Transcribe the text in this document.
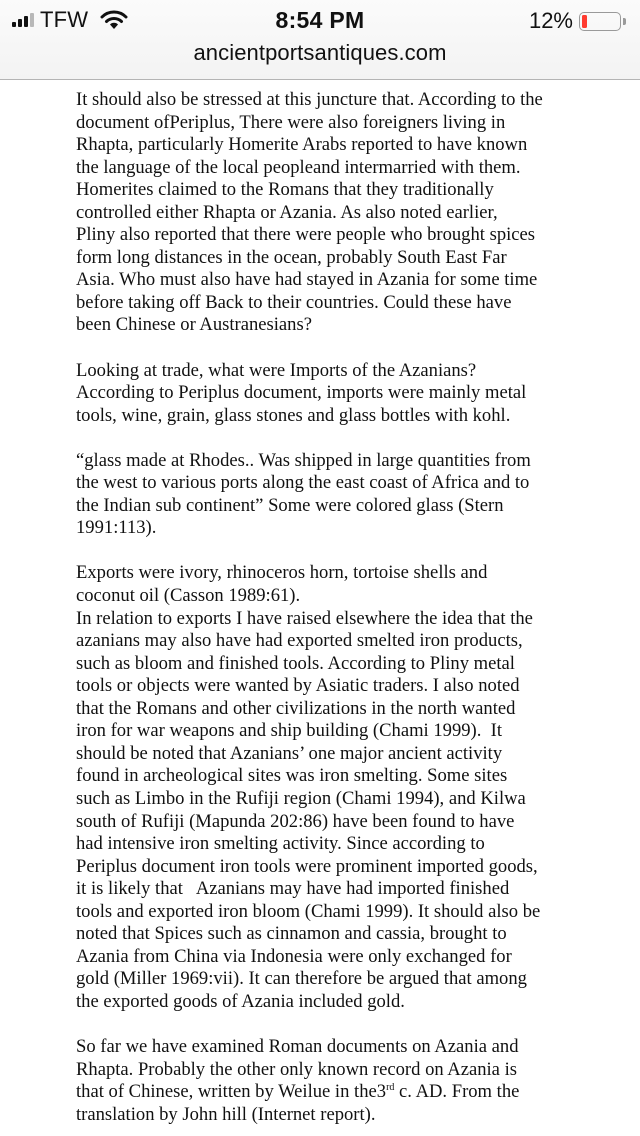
TFW	8:54 PM	12%
ancientportsantiques.com
It should also be stressed at this juncture that. According to the
document ofPeriplus, There were also foreigners living in
Rhapta, particularly Homerite Arabs reported to have known
the language of the local peopleand intermarried with them.
Homerites claimed to the Romans that they traditionally
controlled either Rhapta or Azania. As also noted earlier,
Pliny also reported that there were people who brought spices
form long distances in the ocean, probably South East Far
Asia. Who must also have had stayed in Azania for some time
before taking off Back to their countries. Could these have
been Chinese or Austranesians?
Looking at trade, what were Imports of the Azanians?
According to Periplus document, imports were mainly metal
tools, wine, grain, glass stones and glass bottles with kohl.
“glass made at Rhodes.. Was shipped in large quantities from
the west to various ports along the east coast of Africa and to
the Indian sub continent” Some were colored glass (Stern
1991:113).
Exports were ivory, rhinoceros horn, tortoise shells and
coconut oil (Casson 1989:61).
In relation to exports I have raised elsewhere the idea that the
azanians may also have had exported smelted iron products,
such as bloom and finished tools. According to Pliny metal
tools or objects were wanted by Asiatic traders. I also noted
that the Romans and other civilizations in the north wanted
iron for war weapons and ship building (Chami 1999).  It
should be noted that Azanians’ one major ancient activity
found in archeological sites was iron smelting. Some sites
such as Limbo in the Rufiji region (Chami 1994), and Kilwa
south of Rufiji (Mapunda 202:86) have been found to have
had intensive iron smelting activity. Since according to
Periplus document iron tools were prominent imported goods,
it is likely that   Azanians may have had imported finished
tools and exported iron bloom (Chami 1999). It should also be
noted that Spices such as cinnamon and cassia, brought to
Azania from China via Indonesia were only exchanged for
gold (Miller 1969:vii). It can therefore be argued that among
the exported goods of Azania included gold.
So far we have examined Roman documents on Azania and
Rhapta. Probably the other only known record on Azania is
that of Chinese, written by Weilue in the3rd c. AD. From the
translation by John hill (Internet report).
